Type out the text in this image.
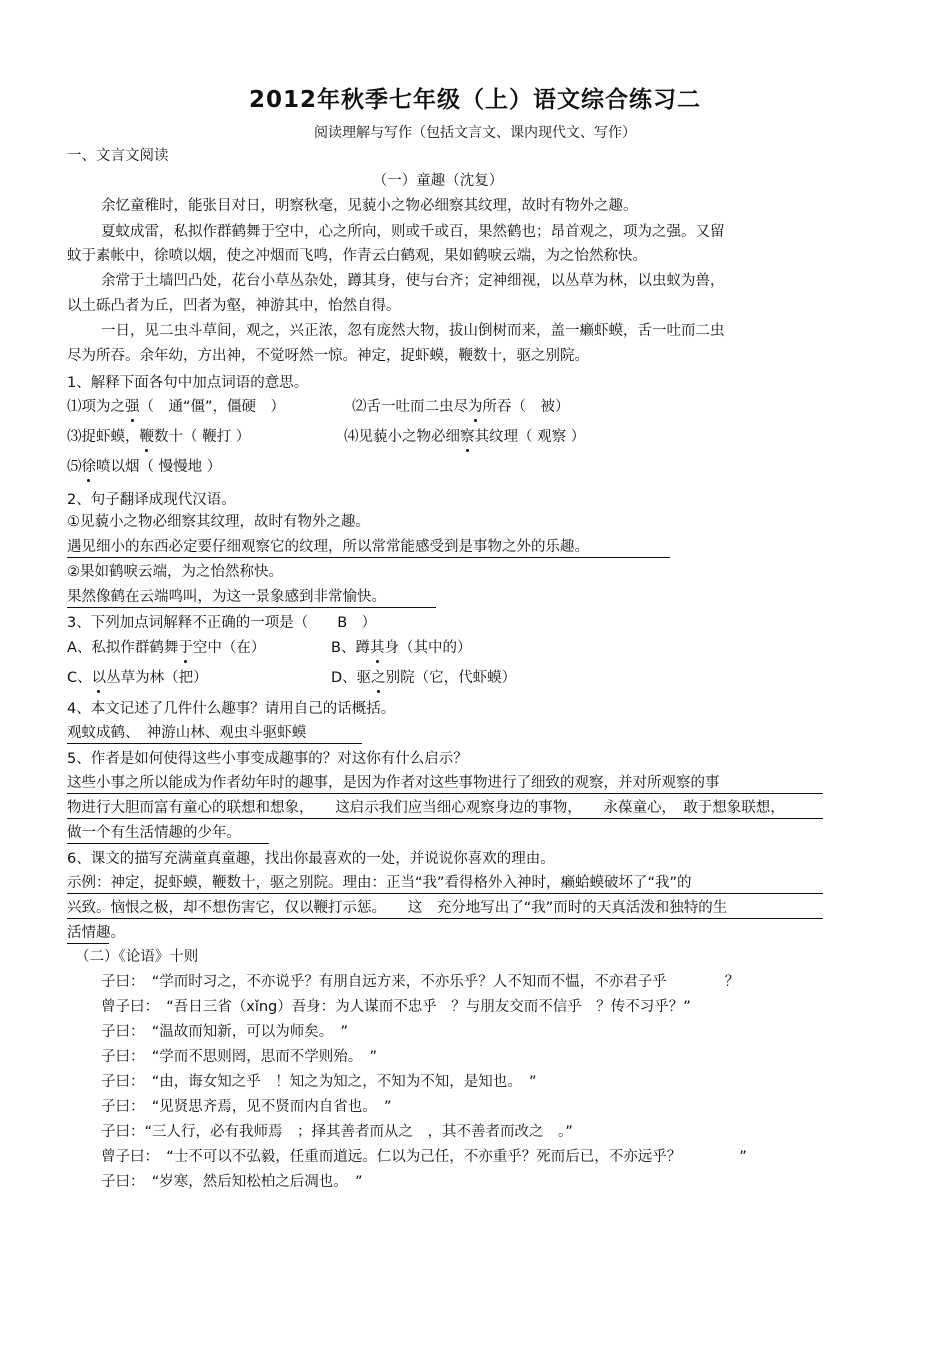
2012年秋季七年级（上）语文综合练习二
阅读理解与写作（包括文言文、课内现代文、写作）
一、文言文阅读
（一）童趣（沈复）
余忆童稚时，能张目对日，明察秋毫，见藐小之物必细察其纹理，故时有物外之趣。
夏蚊成雷，私拟作群鹤舞于空中，心之所向，则或千或百，果然鹤也；昂首观之，项为之强。又留
蚊于素帐中，徐喷以烟，使之冲烟而飞鸣，作青云白鹤观，果如鹤唳云端，为之怡然称快。
余常于土墙凹凸处，花台小草丛杂处，蹲其身，使与台齐；定神细视，以丛草为林，以虫蚁为兽，
以土砾凸者为丘，凹者为壑，神游其中，怡然自得。
一日，见二虫斗草间，观之，兴正浓，忽有庞然大物，拔山倒树而来，盖一癞虾蟆，舌一吐而二虫
尽为所吞。余年幼，方出神，不觉呀然一惊。神定，捉虾蟆，鞭数十，驱之别院。
1、解释下面各句中加点词语的意思。
⑴项为之强（　通“僵”，僵硬　）	⑵舌一吐而二虫尽为所吞（　被）
⑶捉虾蟆，鞭数十（ 鞭打 ）	⑷见藐小之物必细察其纹理（ 观察 ）
⑸徐喷以烟（ 慢慢地 ）
2、句子翻译成现代汉语。
①见藐小之物必细察其纹理，故时有物外之趣。
遇见细小的东西必定要仔细观察它的纹理，所以常常能感受到是事物之外的乐趣。
②果如鹤唳云端，为之怡然称快。
果然像鹤在云端鸣叫，为这一景象感到非常愉快。
3、下列加点词解释不正确的一项是（　　B　）
A、私拟作群鹤舞于空中（在）	B、蹲其身（其中的）
C、以丛草为林（把）	D、驱之别院（它，代虾蟆）
4、本文记述了几件什么趣事？请用自己的话概括。
观蚊成鹤、　神游山林、观虫斗驱虾蟆
5、作者是如何使得这些小事变成趣事的？对这你有什么启示？
这些小事之所以能成为作者幼年时的趣事，是因为作者对这些事物进行了细致的观察，并对所观察的事
物进行大胆而富有童心的联想和想象，　　这启示我们应当细心观察身边的事物，　　永葆童心，　敢于想象联想，
做一个有生活情趣的少年。
6、课文的描写充满童真童趣，找出你最喜欢的一处，并说说你喜欢的理由。
示例：神定，捉虾蟆，鞭数十，驱之别院。理由：正当“我”看得格外入神时，癞蛤蟆破坏了“我”的
兴致。恼恨之极，却不想伤害它，仅以鞭打示惩。　　这　充分地写出了“我”而时的天真活泼和独特的生
活情趣。
（二）《论语》十则
子曰：　“学而时习之，不亦说乎？有朋自远方来，不亦乐乎？人不知而不愠，不亦君子乎　　　　？
曾子曰：　“吾日三省（xǐng）吾身：为人谋而不忠乎　？与朋友交而不信乎　？传不习乎？”
子曰：　“温故而知新，可以为师矣。　”
子曰：　“学而不思则罔，思而不学则殆。　”
子曰：　“由，诲女知之乎　！知之为知之，不知为不知，是知也。　”
子曰：　“见贤思齐焉，见不贤而内自省也。　”
子曰：“三人行，必有我师焉　；择其善者而从之　，其不善者而改之　。”
曾子曰：　“士不可以不弘毅，任重而道远。仁以为己任，不亦重乎？死而后已，不亦远乎？　　　　”
子曰：　“岁寒，然后知松柏之后凋也。　”
